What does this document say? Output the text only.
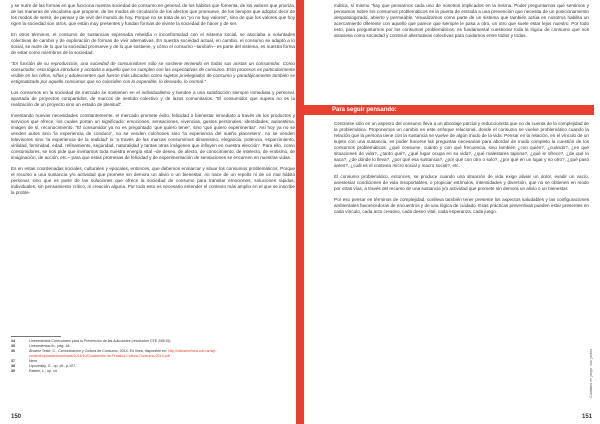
y se nutre de las formas en que funciona nuestra sociedad de consumo en general, de los hábitos que fomenta, de los valores que prioriza, de las maneras de vincularse que propone, de los modos de circulación de los afectos que promueve, de los tiempos que adopta: decir de los modos de sentir, de pensar y de vivir del mundo de hoy. Porque no se trata de un “yo no hay valores”, sino de que los valores que hoy rigen la sociedad son otros, que están muy presentes y fundan formas de vivirse la sociedad de hacer y de ser.

En otros términos, el consumo de sustancias expresaba rebeldía o inconformidad con el sistema social, se asociaba a voluntades colectivas de cambio y de exploración de formas de vivir alternativas. En nuestra sociedad actual, en cambio, el consumo se adaptó a lo social, se nutre de lo que la sociedad promueve y de lo que sostiene, y cómo el consumo –también– es parte del sistema, es nuestra forma de estar como miembros de la sociedad.

“En función de su reproducción, una sociedad de consumidores sólo se sostiene teniendo en todas sus aristas un consumidor. Como consumidor, esta lógica introduce y acotada a aquello que no cumplen con las expectativas de consumo. Esta procesos es particularmente visible en los niños, niñas y adolescentes que fueron más ubicados como sujetos privilegiados de consumo y paradójicamente también se estigmatizado por aquello consumos que no coinciden con lo esperable, lo deseado, lo normal.”

Los consumos en la sociedad de mercado se sostienen en el individualismo y tienden a una satisfacción siempre inmediata y personal, apartada de proyectos compartidos, de marcos de sentido colectivo y de lazos comunitarios. “El consumidor que supera no es la realización de un proyecto sino un estado de plenitud”.

Inventando nuevas necesidades constantemente, el mercado promete éxito, felicidad o bienestar inmediato a través de los productos y servicios que ofrece, los cuales portan un significado: emociones, sensaciones, vivencias, gustos personales, identidades, autoestima, imagen de sí, reconocimiento. “El consumidor ya no es preguntado ‘qué quiero tener’, sino ‘qué quiero experimentar’. Así hoy ya no se venden autos sino ‘la experiencia de conducir’, no se venden colchones sino ‘la experiencia del sueño placentero’, no se venden televisores sino ‘la experiencia de la realidad’ ni ‘a través de las marcas consumimos dinamismo, elegancia, potencia, esparcimiento, virilidad, feminidad, edad, refinamiento, seguridad, naturalidad y tantas otras imágenes que influyen en nuestra elección’. Para ello, como consumidores, se nos pide que invirtamos toda nuestra energía vital –de deseo, de afecto, de conocimiento, de intelecto, de erotismo, de imaginación, de acción, etc.– para que estas promesas de felicidad y de experimentación de sensaciones se encarnen en nuestras vidas.

Es en estas coordenadas sociales, culturales y epocales, entonces, que debemos enmarcar y situar los consumos problemáticos. Porque el recurso a una sustancia y/o actividad que promete sin demora un alivio o un bienestar, no nace de un repollo ni de un mal hábito personal, sino que es parte de las soluciones que ofrece la sociedad de consumo para transitar emociones, soluciones rápidas, individuales, sin pensamiento crítico, ni creación alguna. Por todo esto es necesario entender el contexto más amplio en el que se inscribe la proble-

34	Lineamientos Curriculares para la Prevención de las Adicciones (resolución CFE 256/15).
35	Lineamientos Ib., pág. 18.
36	Álvarez Teste, C., Comunicación y Cultura de Consumo, 2014. En línea, disponible en: http://sitiosemlinea.com.ar/wp-content/uploads/downloads/2014/10/Cuadernillo-de-Practica-Cultura-Consumo-2014.pdf
37	Ídem.
38	Lipovetsky, G., op. cit., p.107.
39	Rabich, L., op. cit.
150

mática, sí mismo “hay que pensarnos cada uno de nosotros implicados en la misma. Poder preguntarnos qué sentimos y pensamos sobre los consumos problemáticos es la puerta de entrada a una prevención que necesita de un posicionamiento despatologizado, abierto y permeable. Visualizamos como parte de un sistema que también actúa en nosotros habilita un acercamiento diferente con aquello que parece que siempre le pasa a otro, un otro que suele estar lejos nuestro. Por todo esto, para preguntarnos por los consumos problemáticos, es fundamental cuestionar toda la lógica de consumo que nos atraviesa como sociedad y construir alternativas colectivas para cuidarnos entre todos y todas.

Para seguir pensando:

Centrarse sólo en un aspecto del consumo lleva a un abordaje parcial y reduccionista que no da cuenta de la complejidad de la problemática. Proponemos un cambio en este enfoque relacional, donde el consumo se vuelve problemático cuando la relación que la persona tiene con la sustancia se vuelve de algún modo de la vida. Pensar en la relación, en el vínculo de un sujeto con una sustancia, es poder hacerse las preguntas necesarias para abordar de modo completo la cuestión de los consumos problemáticos: ¿qué consume, cuánto y con qué frecuencia, sino también ¿con quién?, ¿cuándo?, ¿en qué situaciones de vida?, ¿tanto qué?, ¿qué lugar ocupa en su vida?, ¿qué malestares tapona?, ¿qué le ofrece?, ¿de qué lo saca?, ¿de dónde lo lleva?, ¿por qué esa sustancia?, ¿por qué con otro o solo?, ¿por qué en un lugar y no otro?, ¿qué pasó antes?, ¿cuál es el contexto micro social y macro social?, etc.

El consumo problemático, entonces, se produce cuando una situación de vida exige aliviar un dolor, evadir un vacío, anestesiar condiciones de vida insoportables, o propiciar estímulos, intensidades y diversión, que no se obtienen en modo por otras vías, a través del recurso de una sustancia y/o actividad que promete sin demora un alivio o un bienestar.

Por eso pensar en términos de complejidad, conlleva también tener presente los aspectos saludables y las configuraciones ambientales favorecedoras de encuentros y de una lógica de cuidado. Esas prácticas preventivas pueden estar presentes en cada vínculo, cada acto creativo, cada deseo vital, cada esperanza, cada juego.

Cuidados en juego, vivir juntos
151
